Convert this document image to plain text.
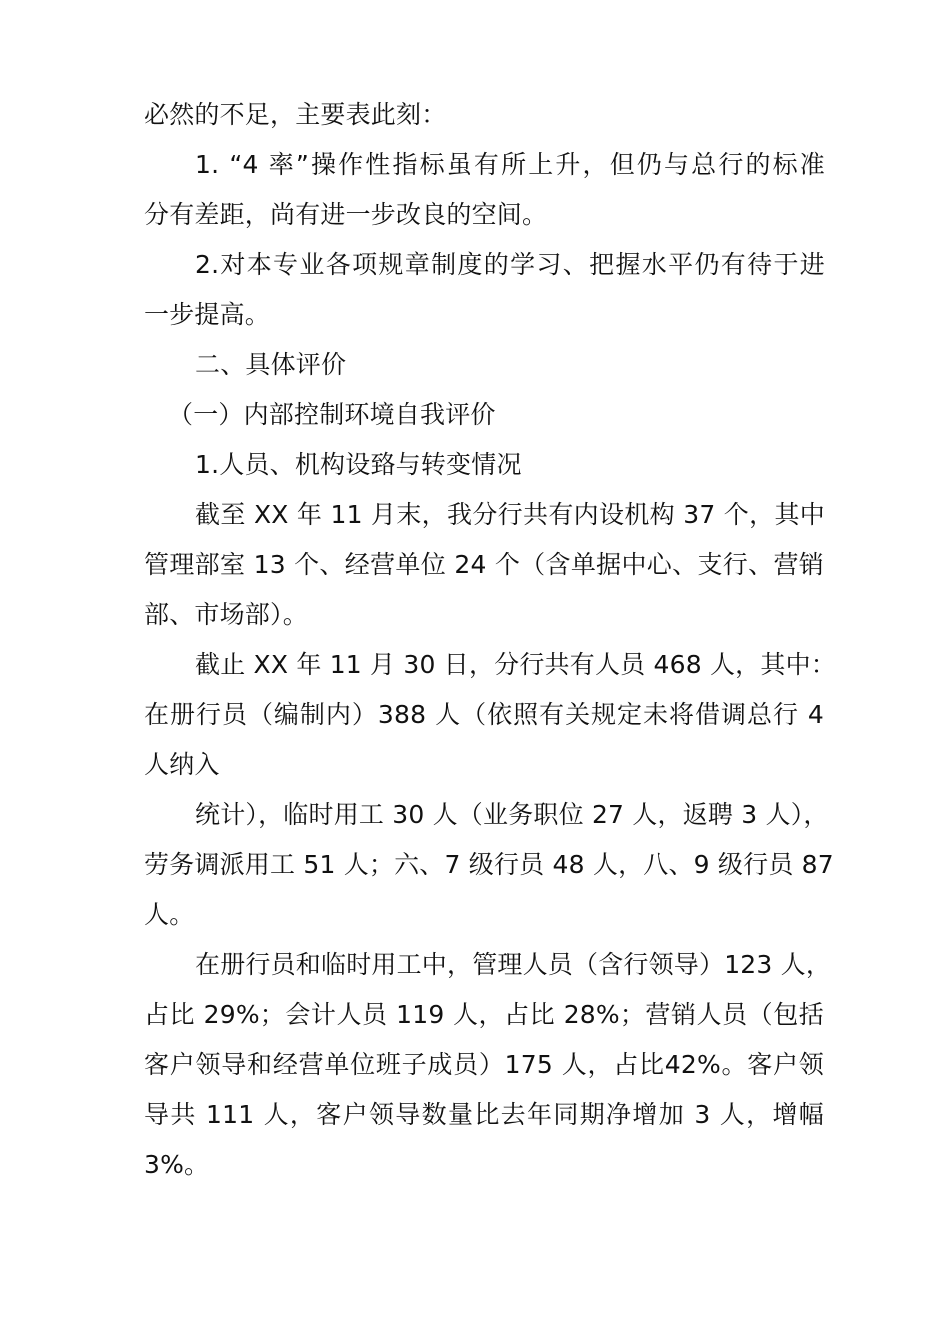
必然的不足，主要表此刻：
1. “4 率”操作性指标虽有所上升，但仍与总行的标准
分有差距，尚有进一步改良的空间。
2.对本专业各项规章制度的学习、把握水平仍有待于进
一步提高。
二、具体评价
（一）内部控制环境自我评价
1.人员、机构设臵与转变情况
截至 XX 年 11 月末，我分行共有内设机构 37 个，其中
管理部室 13 个、经营单位 24 个（含单据中心、支行、营销
部、市场部）。
截止 XX 年 11 月 30 日，分行共有人员 468 人，其中：
在册行员（编制内）388 人（依照有关规定未将借调总行 4
人纳入
统计），临时用工 30 人（业务职位 27 人，返聘 3 人），
劳务调派用工 51 人；六、7 级行员 48 人，八、9 级行员 87
人。
在册行员和临时用工中，管理人员（含行领导）123 人，
占比 29%；会计人员 119 人，占比 28%；营销人员（包括
客户领导和经营单位班子成员）175 人，占比42%。客户领
导共 111 人，客户领导数量比去年同期净增加 3 人，增幅
3%。
